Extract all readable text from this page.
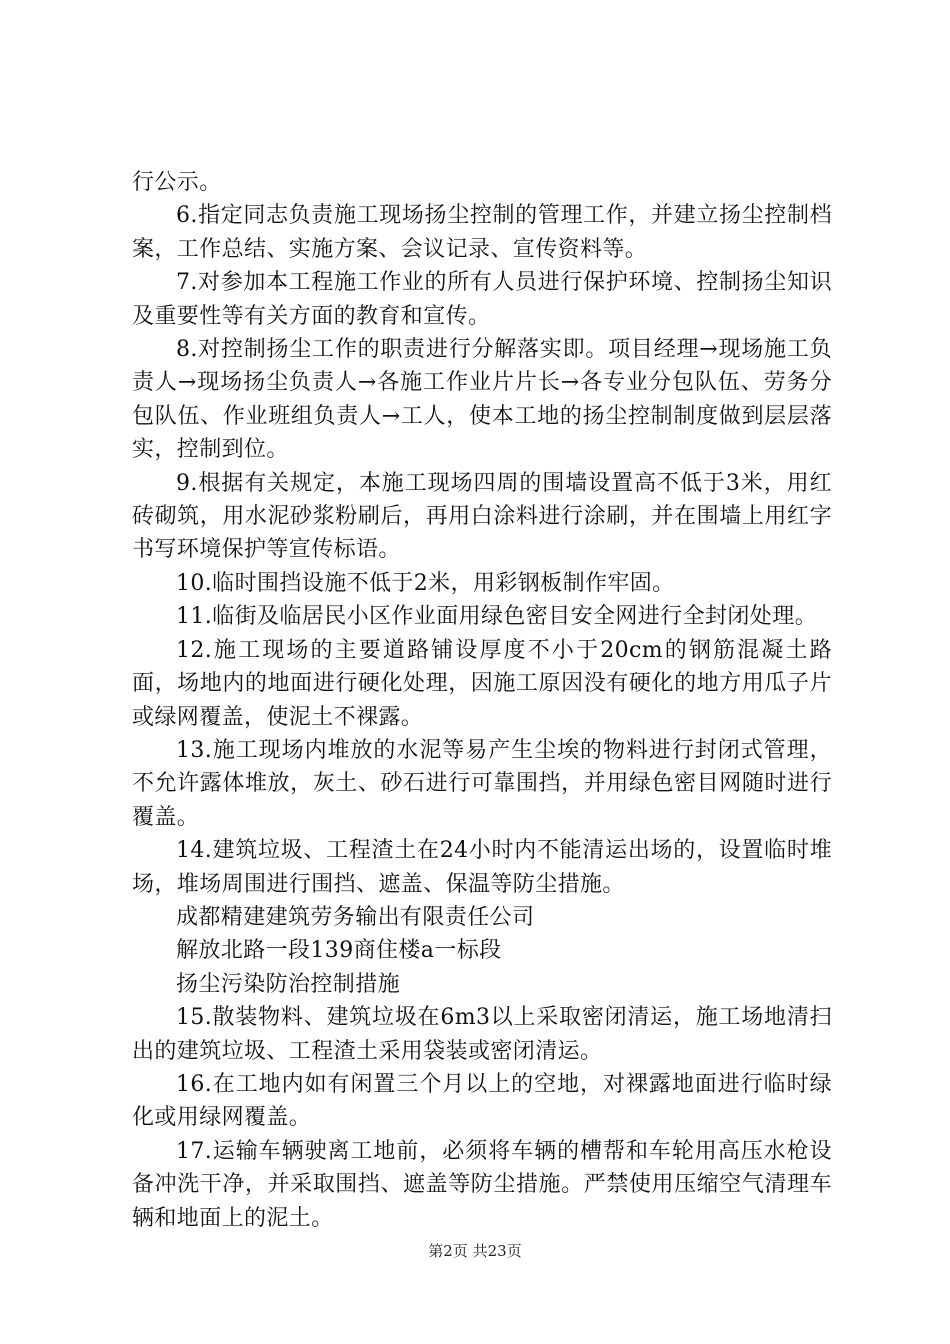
行公示。

6.指定同志负责施工现场扬尘控制的管理工作，并建立扬尘控制档案，工作总结、实施方案、会议记录、宣传资料等。

7.对参加本工程施工作业的所有人员进行保护环境、控制扬尘知识及重要性等有关方面的教育和宣传。

8.对控制扬尘工作的职责进行分解落实即。项目经理→现场施工负责人→现场扬尘负责人→各施工作业片片长→各专业分包队伍、劳务分包队伍、作业班组负责人→工人，使本工地的扬尘控制制度做到层层落实，控制到位。

9.根据有关规定，本施工现场四周的围墙设置高不低于3米，用红砖砌筑，用水泥砂浆粉刷后，再用白涂料进行涂刷，并在围墙上用红字书写环境保护等宣传标语。

10.临时围挡设施不低于2米，用彩钢板制作牢固。

11.临街及临居民小区作业面用绿色密目安全网进行全封闭处理。

12.施工现场的主要道路铺设厚度不小于20cm的钢筋混凝土路面，场地内的地面进行硬化处理，因施工原因没有硬化的地方用瓜子片或绿网覆盖，使泥土不裸露。

13.施工现场内堆放的水泥等易产生尘埃的物料进行封闭式管理，不允许露体堆放，灰土、砂石进行可靠围挡，并用绿色密目网随时进行覆盖。

14.建筑垃圾、工程渣土在24小时内不能清运出场的，设置临时堆场，堆场周围进行围挡、遮盖、保温等防尘措施。

成都精建建筑劳务输出有限责任公司

解放北路一段139商住楼a一标段

扬尘污染防治控制措施

15.散装物料、建筑垃圾在6m3以上采取密闭清运，施工场地清扫出的建筑垃圾、工程渣土采用袋装或密闭清运。

16.在工地内如有闲置三个月以上的空地，对裸露地面进行临时绿化或用绿网覆盖。

17.运输车辆驶离工地前，必须将车辆的槽帮和车轮用高压水枪设备冲洗干净，并采取围挡、遮盖等防尘措施。严禁使用压缩空气清理车辆和地面上的泥土。

第2页 共23页
